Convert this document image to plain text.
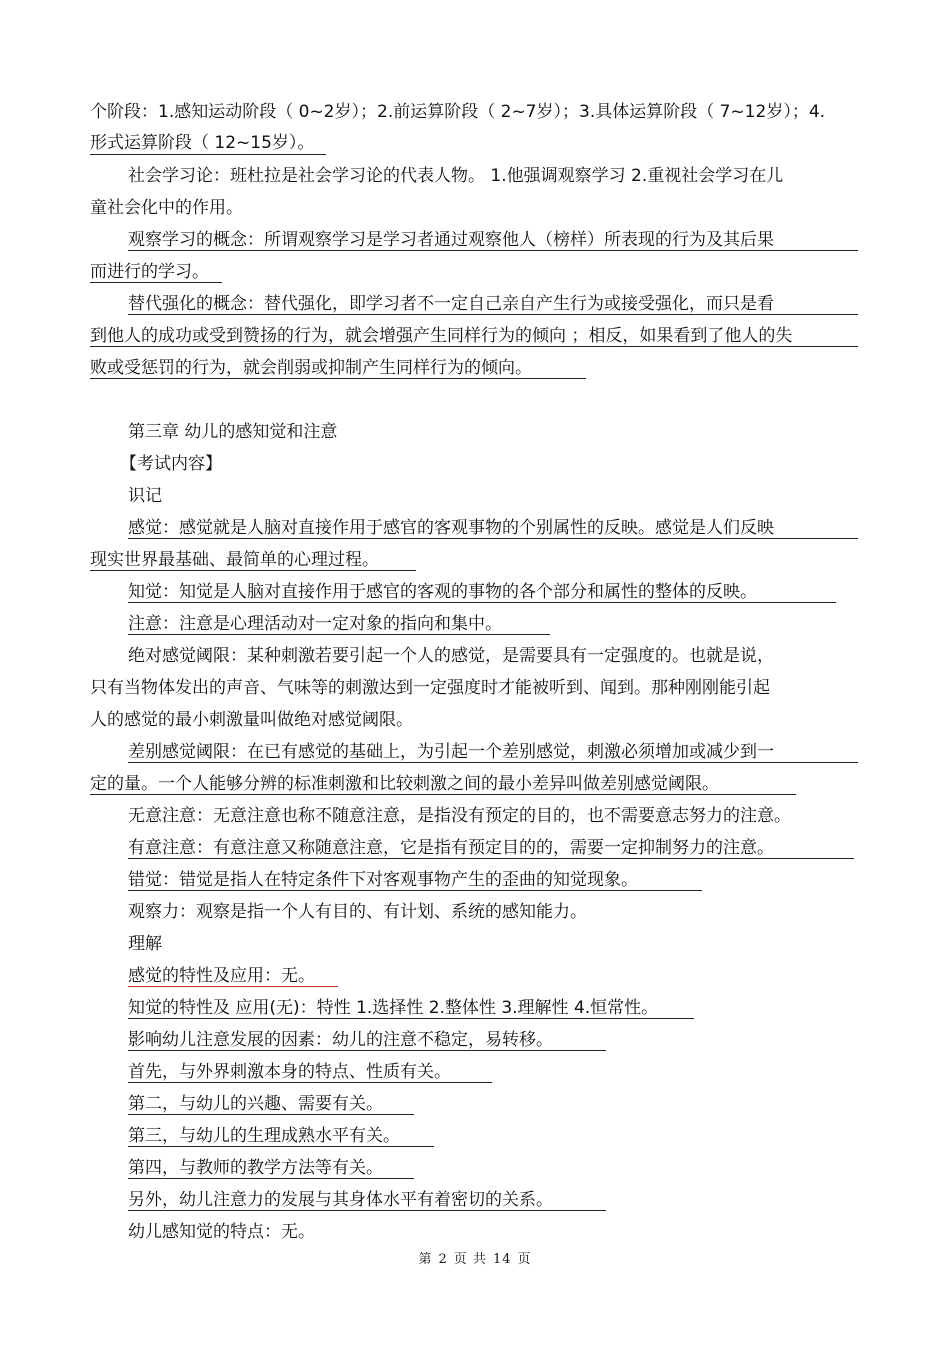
个阶段：1.感知运动阶段（ 0~2岁）；2.前运算阶段（ 2~7岁）；3.具体运算阶段（ 7~12岁）；4.
形式运算阶段（ 12~15岁）。
社会学习论：班杜拉是社会学习论的代表人物。 1.他强调观察学习 2.重视社会学习在儿
童社会化中的作用。
观察学习的概念：所谓观察学习是学习者通过观察他人（榜样）所表现的行为及其后果
而进行的学习。
替代强化的概念：替代强化，即学习者不一定自己亲自产生行为或接受强化，而只是看
到他人的成功或受到赞扬的行为，就会增强产生同样行为的倾向 ；相反，如果看到了他人的失
败或受惩罚的行为，就会削弱或抑制产生同样行为的倾向。
第三章 幼儿的感知觉和注意
【考试内容】
识记
感觉：感觉就是人脑对直接作用于感官的客观事物的个别属性的反映。感觉是人们反映
现实世界最基础、最简单的心理过程。
知觉：知觉是人脑对直接作用于感官的客观的事物的各个部分和属性的整体的反映。
注意：注意是心理活动对一定对象的指向和集中。
绝对感觉阈限：某种刺激若要引起一个人的感觉，是需要具有一定强度的。也就是说，
只有当物体发出的声音、气味等的刺激达到一定强度时才能被听到、闻到。那种刚刚能引起
人的感觉的最小刺激量叫做绝对感觉阈限。
差别感觉阈限：在已有感觉的基础上，为引起一个差别感觉，刺激必须增加或减少到一
定的量。一个人能够分辨的标准刺激和比较刺激之间的最小差异叫做差别感觉阈限。
无意注意：无意注意也称不随意注意，是指没有预定的目的，也不需要意志努力的注意。
有意注意：有意注意又称随意注意，它是指有预定目的的，需要一定抑制努力的注意。
错觉：错觉是指人在特定条件下对客观事物产生的歪曲的知觉现象。
观察力：观察是指一个人有目的、有计划、系统的感知能力。
理解
感觉的特性及应用：无。
知觉的特性及 应用(无)：特性 1.选择性 2.整体性 3.理解性 4.恒常性。
影响幼儿注意发展的因素：幼儿的注意不稳定，易转移。
首先，与外界刺激本身的特点、性质有关。
第二，与幼儿的兴趣、需要有关。
第三，与幼儿的生理成熟水平有关。
第四，与教师的教学方法等有关。
另外，幼儿注意力的发展与其身体水平有着密切的关系。
幼儿感知觉的特点：无。
第 2 页 共 14 页
